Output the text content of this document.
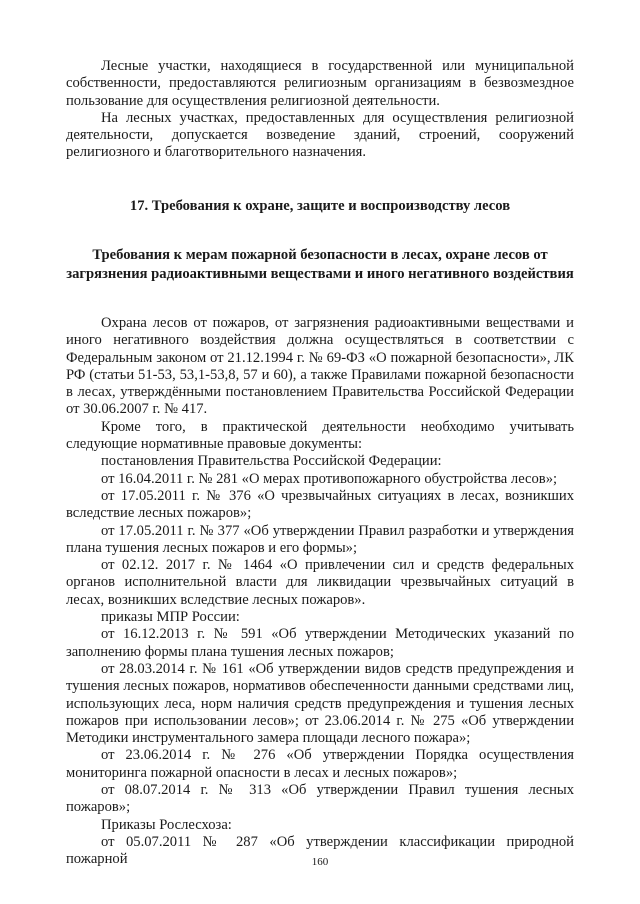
Лесные участки, находящиеся в государственной или муниципальной собственности, предоставляются религиозным организациям в безвозмездное пользование для осуществления религиозной деятельности.

На лесных участках, предоставленных для осуществления религиозной деятельности, допускается возведение зданий, строений, сооружений религиозного и благотворительного назначения.

17. Требования к охране, защите и воспроизводству лесов
Требования к мерам пожарной безопасности в лесах, охране лесов от загрязнения радиоактивными веществами и иного негативного воздействия

Охрана лесов от пожаров, от загрязнения радиоактивными веществами и иного негативного воздействия должна осуществляться в соответствии с Федеральным законом от 21.12.1994 г. № 69-ФЗ «О пожарной безопасности», ЛК РФ (статьи 51-53, 53,1-53,8, 57 и 60), а также Правилами пожарной безопасности в лесах, утверждёнными постановлением Правительства Российской Федерации от 30.06.2007 г. № 417.

Кроме того, в практической деятельности необходимо учитывать следующие нормативные правовые документы:

постановления Правительства Российской Федерации:

от 16.04.2011 г. № 281 «О мерах противопожарного обустройства лесов»;

от 17.05.2011 г. № 376 «О чрезвычайных ситуациях в лесах, возникших вследствие лесных пожаров»;

от 17.05.2011 г. № 377 «Об утверждении Правил разработки и утверждения плана тушения лесных пожаров и его формы»;

от 02.12. 2017 г. № 1464 «О привлечении сил и средств федеральных органов исполнительной власти для ликвидации чрезвычайных ситуаций в лесах, возникших вследствие лесных пожаров».

приказы МПР России:

от 16.12.2013 г. № 591 «Об утверждении Методических указаний по заполнению формы плана тушения лесных пожаров;

от 28.03.2014 г. № 161 «Об утверждении видов средств предупреждения и тушения лесных пожаров, нормативов обеспеченности данными средствами лиц, использующих леса, норм наличия средств предупреждения и тушения лесных пожаров при использовании лесов»; от 23.06.2014 г. № 275 «Об утверждении Методики инструментального замера площади лесного пожара»;

от 23.06.2014 г. № 276 «Об утверждении Порядка осуществления мониторинга пожарной опасности в лесах и лесных пожаров»;

от 08.07.2014 г. № 313 «Об утверждении Правил тушения лесных пожаров»;

Приказы Рослесхоза:

от 05.07.2011 № 287 «Об утверждении классификации природной пожарной	160
